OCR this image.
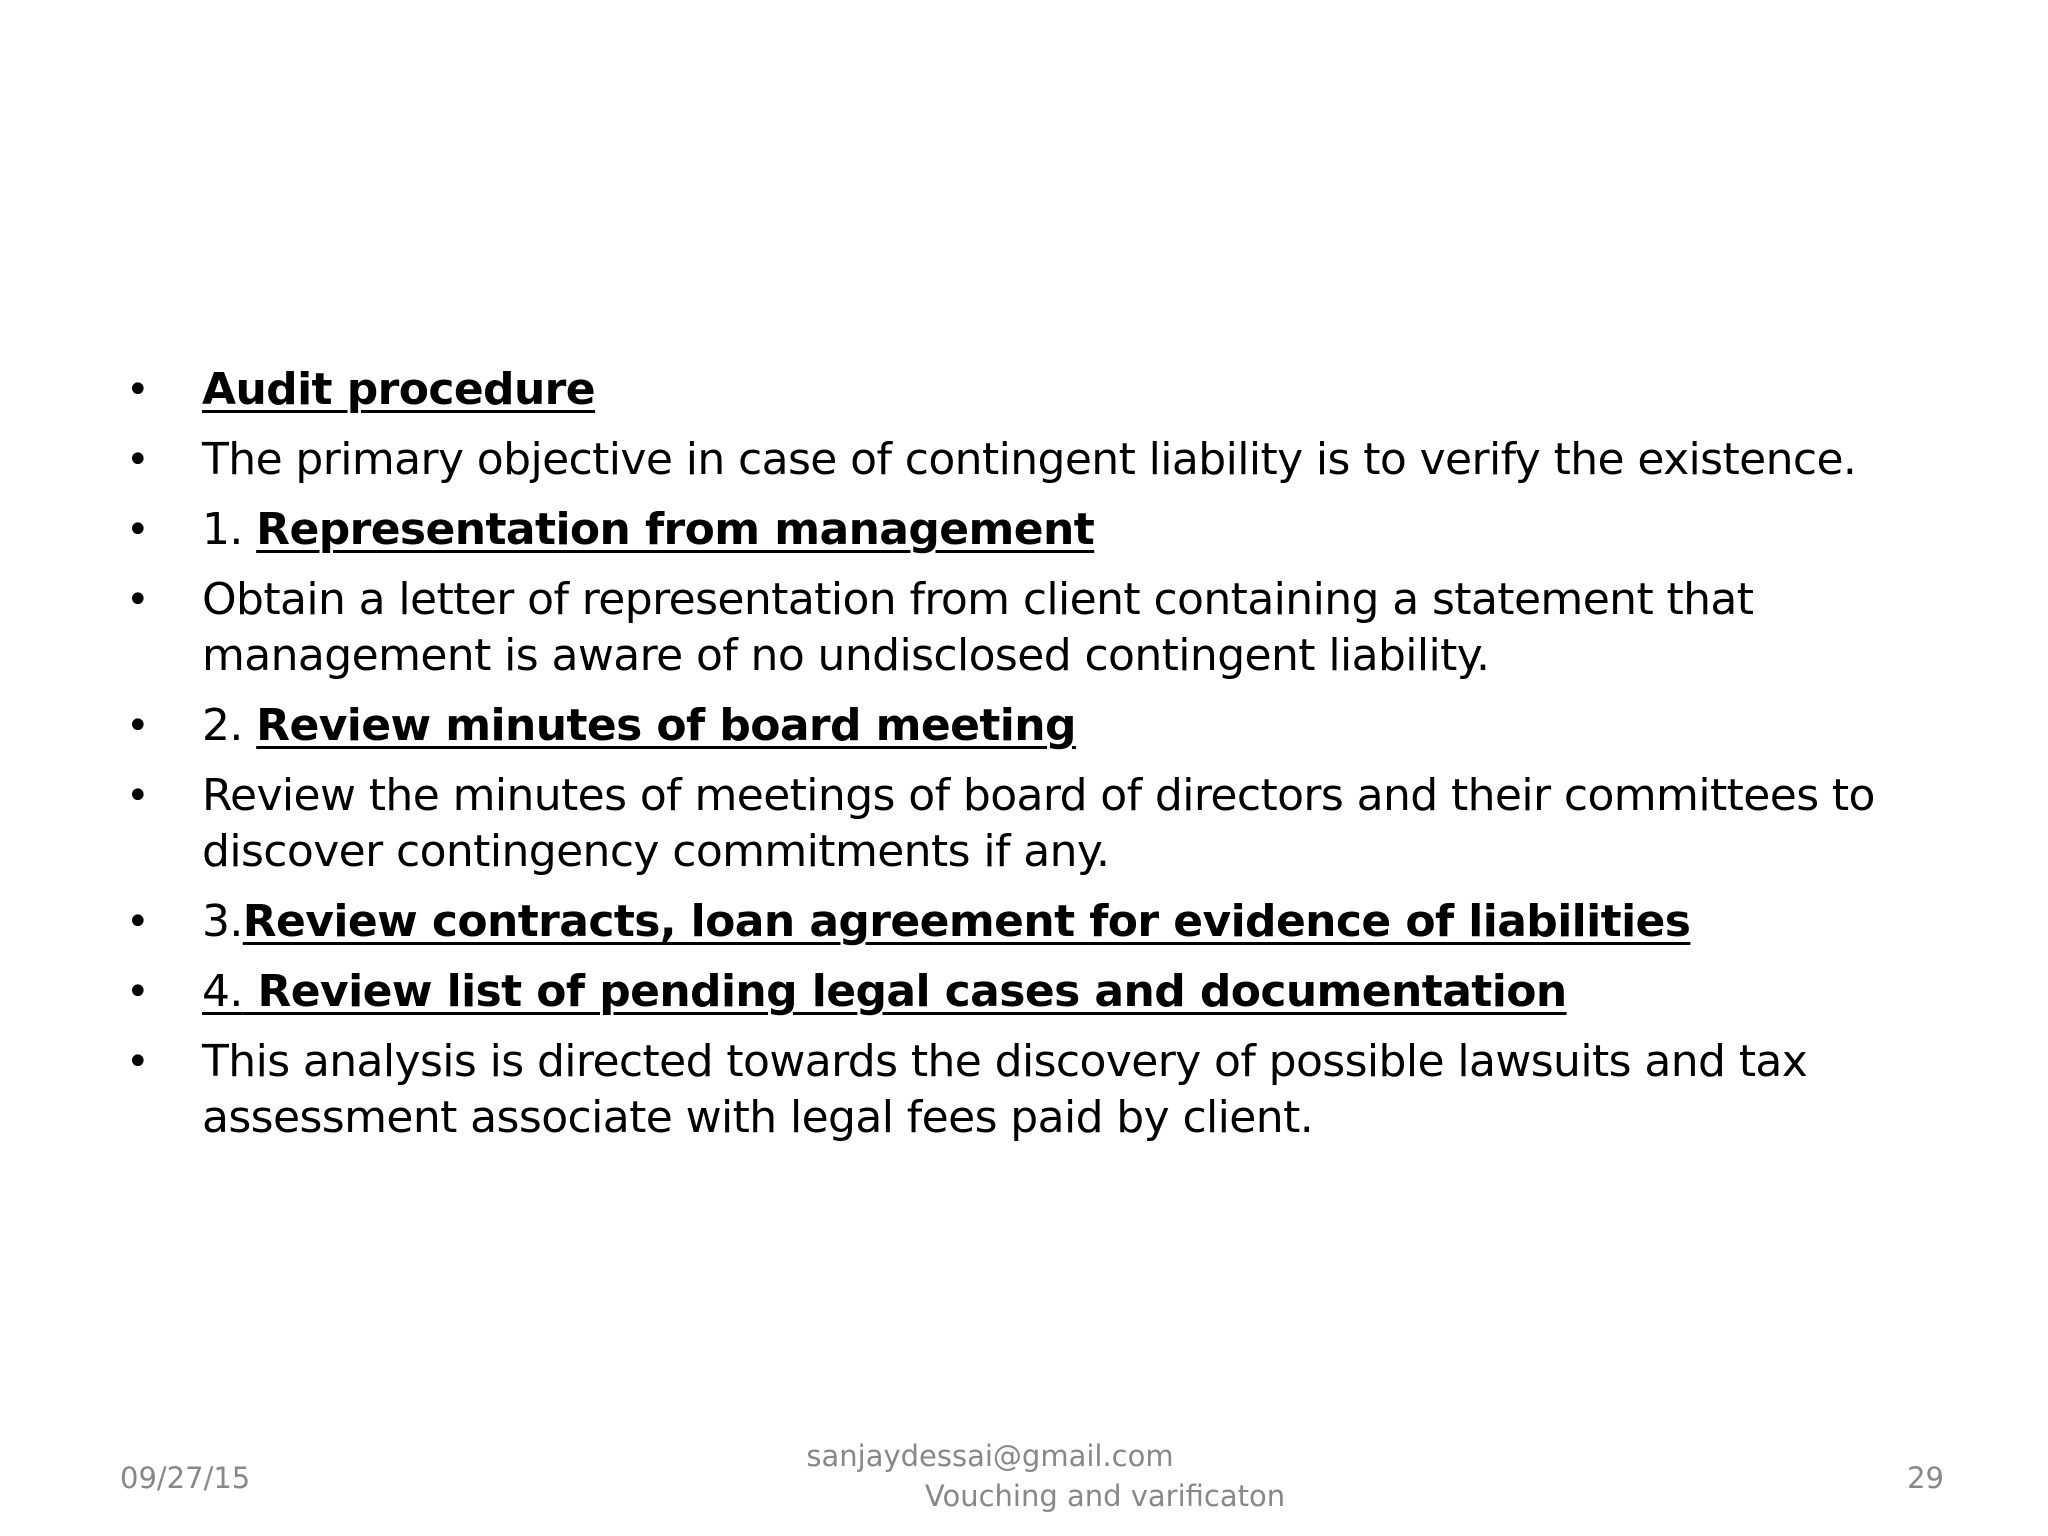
• Audit procedure
• The primary objective in case of contingent liability is to verify the existence.
• 1. Representation from management
• Obtain a letter of representation from client containing a statement that management is aware of no undisclosed contingent liability.
• 2. Review minutes of board meeting
• Review the minutes of meetings of board of directors and their committees to discover contingency commitments if any.
• 3.Review contracts, loan agreement for evidence of liabilities
• 4. Review list of pending legal cases and documentation
• This analysis is directed towards the discovery of possible lawsuits and tax assessment associate with legal fees paid by client.
09/27/15
sanjaydessai@gmail.com
Vouching and varificaton
29
